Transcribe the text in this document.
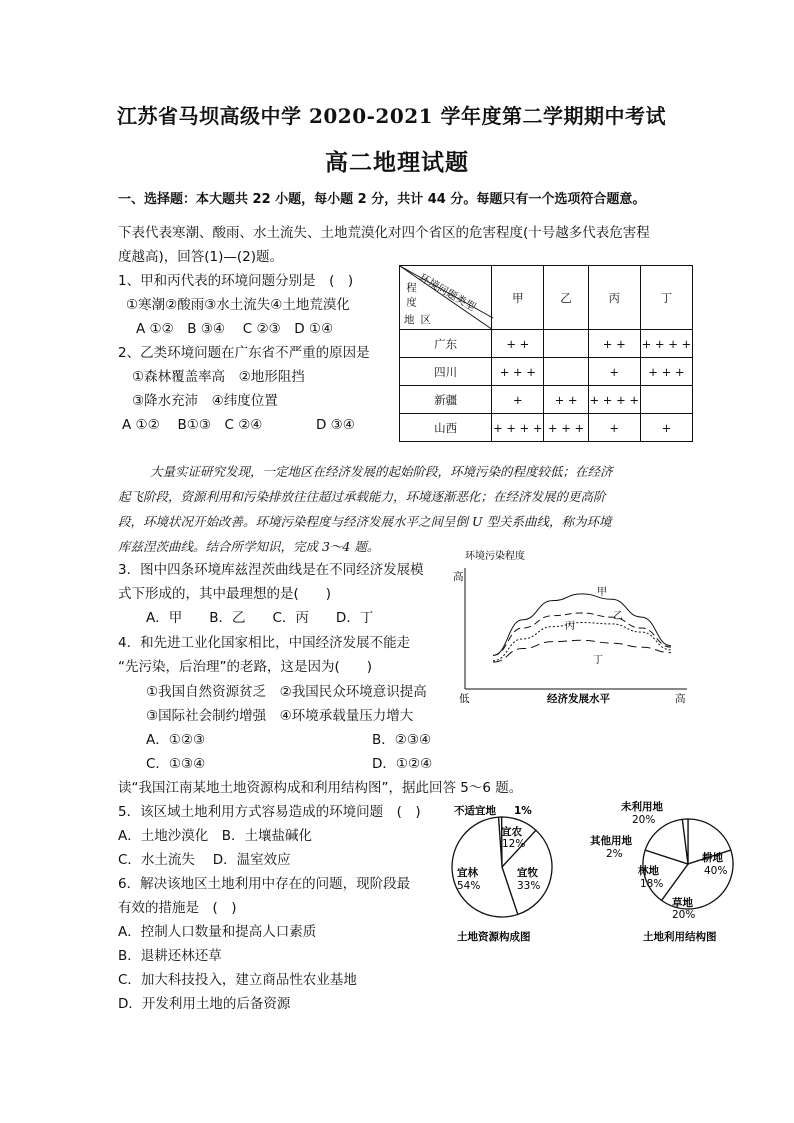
江苏省马坝高级中学 2020-2021 学年度第二学期期中考试
高二地理试题
一、选择题：本大题共 22 小题，每小题 2 分，共计 44 分。每题只有一个选项符合题意。
下表代表寒潮、酸雨、水土流失、土地荒漠化对四个省区的危害程度(十号越多代表危害程
度越高)，回答(1)—(2)题。
1、甲和丙代表的环境问题分别是　(　)
①寒潮②酸雨③水土流失④土地荒漠化
A ①②　B ③④　 C ②③　D ①④
2、乙类环境问题在广东省不严重的原因是
①森林覆盖率高　②地形阻挡
③降水充沛　④纬度位置
A ①②　 B①③　C ②④	D ③④
环境问题类型
程度
地区	甲	乙	丙	丁
广东	+ +		+ +	+ + + +
四川	+ + +		+	+ + +
新疆	+	+ +	+ + + +	
山西	+ + + +	+ + +	+	+
大量实证研究发现，一定地区在经济发展的起始阶段，环境污染的程度较低；在经济
起飞阶段，资源利用和污染排放往往超过承载能力，环境逐渐恶化；在经济发展的更高阶
段，环境状况开始改善。环境污染程度与经济发展水平之间呈倒 U 型关系曲线，称为环境
库兹涅茨曲线。结合所学知识，完成 3～4 题。
3．图中四条环境库兹涅茨曲线是在不同经济发展模
式下形成的，其中最理想的是(　　)
A．甲　　B．乙　　C．丙　　D．丁
4．和先进工业化国家相比，中国经济发展不能走
“先污染，后治理”的老路，这是因为(　　)
①我国自然资源贫乏　②我国民众环境意识提高
③国际社会制约增强　④环境承载量压力增大
A．①②③	B．②③④
C．①③④	D．①②④
读“我国江南某地土地资源构成和利用结构图”，据此回答 5～6 题。
5．该区域土地利用方式容易造成的环境问题　(　)
A．土地沙漠化　B．土壤盐碱化
C．水土流失　 D．温室效应
6．解决该地区土地利用中存在的问题，现阶段最
有效的措施是　(　)
A．控制人口数量和提高人口素质
B．退耕还林还草
C．加大科技投入，建立商品性农业基地
D．开发利用土地的后备资源
环境污染程度
高
低	经济发展水平	高
甲
乙
丙
丁
不适宜地 1%
宜农
12%
宜牧
33%
宜林
54%
土地资源构成图
未利用地
20%
耕地
40%
草地
20%
林地
18%
其他用地
2%
土地利用结构图
